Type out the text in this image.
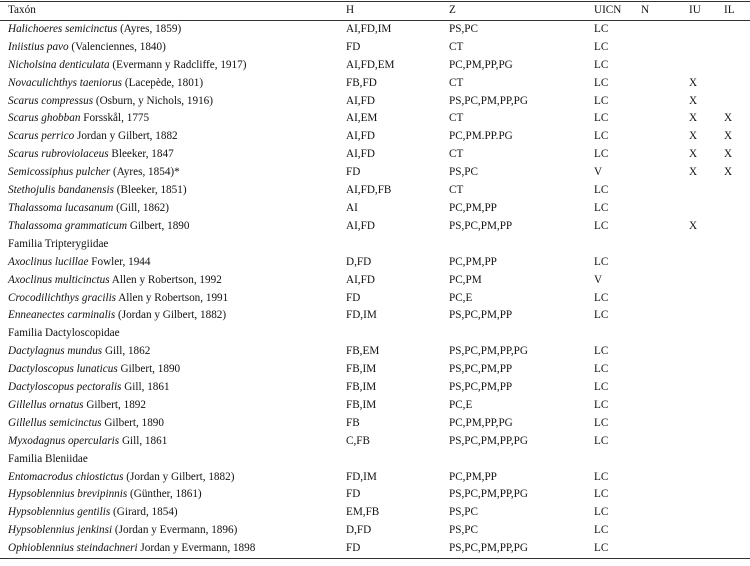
Taxón	H	Z	UICN	N	IU	IL
Halichoeres semicinctus (Ayres, 1859)	AI,FD,IM	PS,PC	LC			
Iniistius pavo (Valenciennes, 1840)	FD	CT	LC			
Nicholsina denticulata (Evermann y Radcliffe, 1917)	AI,FD,EM	PC,PM,PP,PG	LC			
Novaculichthys taeniorus (Lacepède, 1801)	FB,FD	CT	LC		X	
Scarus compressus (Osburn, y Nichols, 1916)	AI,FD	PS,PC,PM,PP,PG	LC		X	
Scarus ghobban Forsskål, 1775	AI,EM	CT	LC		X	X
Scarus perrico Jordan y Gilbert, 1882	AI,FD	PC,PM.PP.PG	LC		X	X
Scarus rubroviolaceus Bleeker, 1847	AI,FD	CT	LC		X	X
Semicossiphus pulcher (Ayres, 1854)*	FD	PS,PC	V		X	X
Stethojulis bandanensis (Bleeker, 1851)	AI,FD,FB	CT	LC			
Thalassoma lucasanum (Gill, 1862)	AI	PC,PM,PP	LC			
Thalassoma grammaticum Gilbert, 1890	AI,FD	PS,PC,PM,PP	LC		X	
Familia Tripterygiidae						
Axoclinus lucillae Fowler, 1944	D,FD	PC,PM,PP	LC			
Axoclinus multicinctus Allen y Robertson, 1992	AI,FD	PC,PM	V			
Crocodilichthys gracilis Allen y Robertson, 1991	FD	PC,E	LC			
Enneanectes carminalis (Jordan y Gilbert, 1882)	FD,IM	PS,PC,PM,PP	LC			
Familia Dactyloscopidae						
Dactylagnus mundus Gill, 1862	FB,EM	PS,PC,PM,PP,PG	LC			
Dactyloscopus lunaticus Gilbert, 1890	FB,IM	PS,PC,PM,PP	LC			
Dactyloscopus pectoralis Gill, 1861	FB,IM	PS,PC,PM,PP	LC			
Gillellus ornatus Gilbert, 1892	FB,IM	PC,E	LC			
Gillellus semicinctus Gilbert, 1890	FB	PC,PM,PP,PG	LC			
Myxodagnus opercularis Gill, 1861	C,FB	PS,PC,PM,PP,PG	LC			
Familia Bleniidae						
Entomacrodus chiostictus (Jordan y Gilbert, 1882)	FD,IM	PC,PM,PP	LC			
Hypsoblennius brevipinnis (Günther, 1861)	FD	PS,PC,PM,PP,PG	LC			
Hypsoblennius gentilis (Girard, 1854)	EM,FB	PS,PC	LC			
Hypsoblennius jenkinsi (Jordan y Evermann, 1896)	D,FD	PS,PC	LC			
Ophioblennius steindachneri Jordan y Evermann, 1898	FD	PS,PC,PM,PP,PG	LC			
